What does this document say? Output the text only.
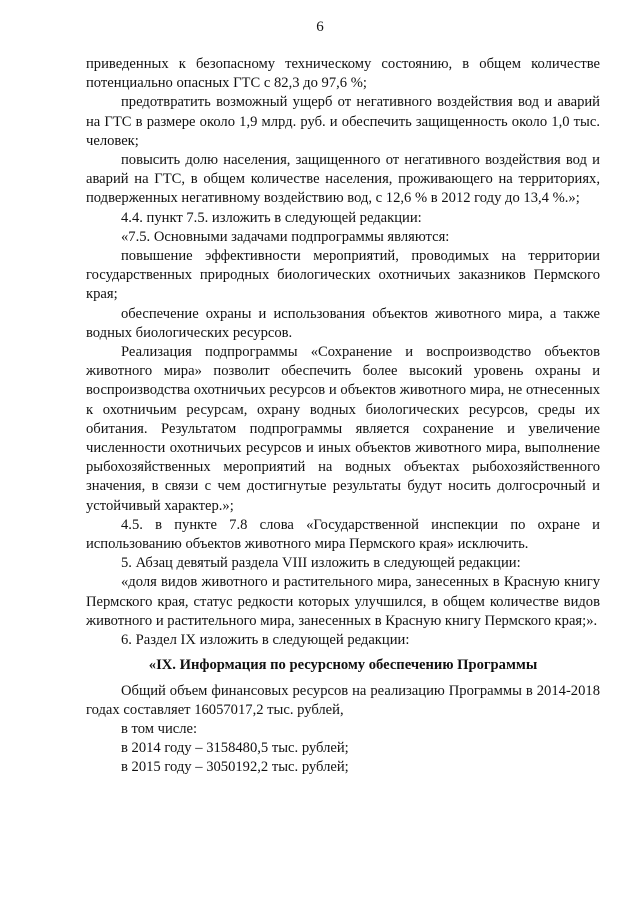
6

приведенных к безопасному техническому состоянию, в общем количестве потенциально опасных ГТС с 82,3 до 97,6 %;

предотвратить возможный ущерб от негативного воздействия вод и аварий на ГТС в размере около 1,9 млрд. руб. и обеспечить защищенность около 1,0 тыс. человек;

повысить долю населения, защищенного от негативного воздействия вод и аварий на ГТС, в общем количестве населения, проживающего на территориях, подверженных негативному воздействию вод, с 12,6 % в 2012 году до 13,4 %.»;

4.4. пункт 7.5. изложить в следующей редакции:

«7.5. Основными задачами подпрограммы являются:

повышение эффективности мероприятий, проводимых на территории государственных природных биологических охотничьих заказников Пермского края;

обеспечение охраны и использования объектов животного мира, а также водных биологических ресурсов.

Реализация подпрограммы «Сохранение и воспроизводство объектов животного мира» позволит обеспечить более высокий уровень охраны и воспроизводства охотничьих ресурсов и объектов животного мира, не отнесенных к охотничьим ресурсам, охрану водных биологических ресурсов, среды их обитания. Результатом подпрограммы является сохранение и увеличение численности охотничьих ресурсов и иных объектов животного мира, выполнение рыбохозяйственных мероприятий на водных объектах рыбохозяйственного значения, в связи с чем достигнутые результаты будут носить долгосрочный и устойчивый характер.»;

4.5. в пункте 7.8 слова «Государственной инспекции по охране и использованию объектов животного мира Пермского края» исключить.

5. Абзац девятый раздела VIII изложить в следующей редакции:

«доля видов животного и растительного мира, занесенных в Красную книгу Пермского края, статус редкости которых улучшился, в общем количестве видов животного и растительного мира, занесенных в Красную книгу Пермского края;».

6. Раздел IX изложить в следующей редакции:

«IX. Информация по ресурсному обеспечению Программы

Общий объем финансовых ресурсов на реализацию Программы в 2014-2018 годах составляет 16057017,2 тыс. рублей,

в том числе:

в 2014 году – 3158480,5 тыс. рублей;

в 2015 году – 3050192,2 тыс. рублей;
